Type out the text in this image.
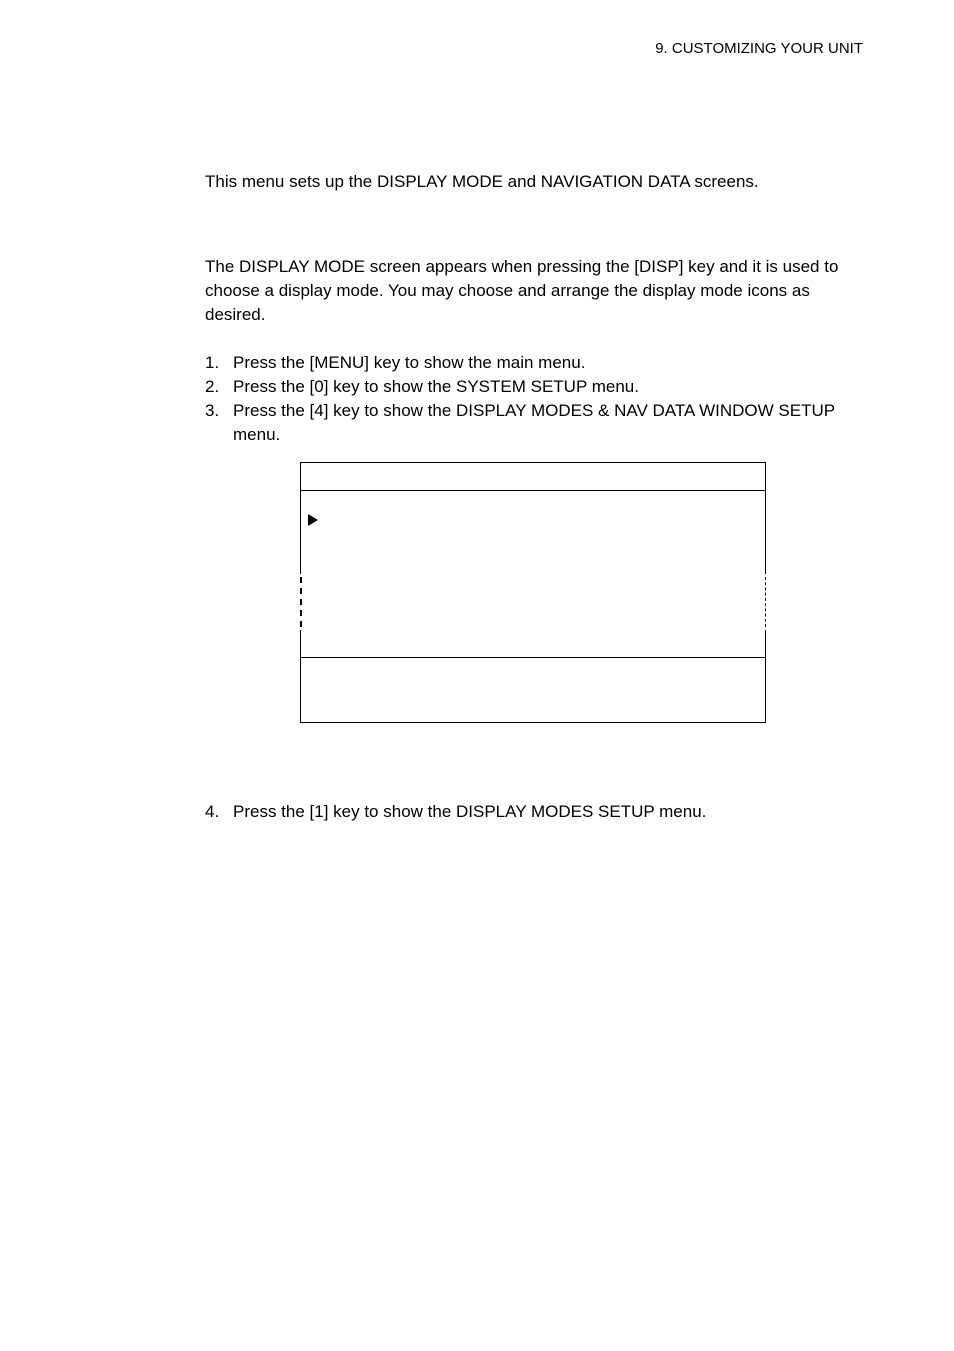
9. CUSTOMIZING YOUR UNIT
This menu sets up the DISPLAY MODE and NAVIGATION DATA screens.
The DISPLAY MODE screen appears when pressing the [DISP] key and it is used to choose a display mode. You may choose and arrange the display mode icons as desired.
1. Press the [MENU] key to show the main menu.
2. Press the [0] key to show the SYSTEM SETUP menu.
3. Press the [4] key to show the DISPLAY MODES & NAV DATA WINDOW SETUP menu.
4. Press the [1] key to show the DISPLAY MODES SETUP menu.
